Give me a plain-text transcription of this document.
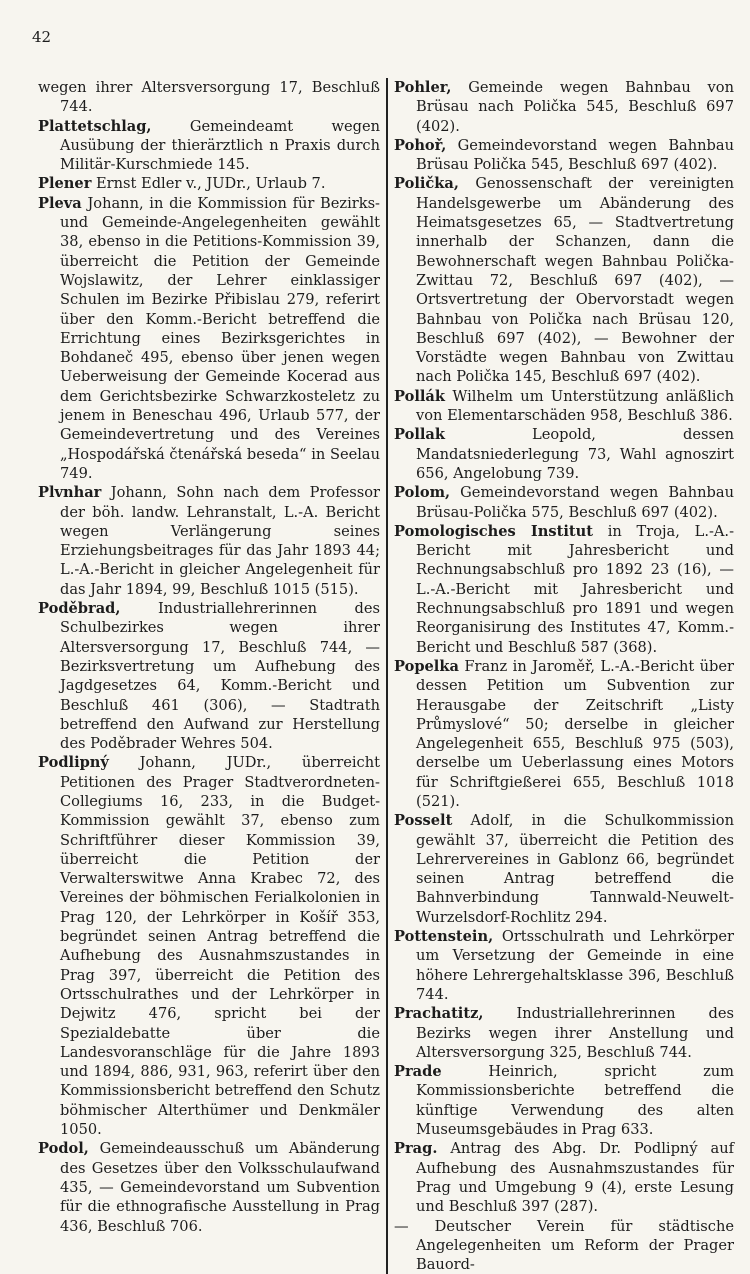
42
wegen ihrer Altersversorgung 17, Beschluß 744.
Plattetschlag, Gemeindeamt wegen Ausübung der thierärztlich n Praxis durch Militär-Kurschmiede 145.
Plener Ernst Edler v., JUDr., Urlaub 7.
Pleva Johann, in die Kommission für Bezirks- und Gemeinde-Angelegenheiten gewählt 38, ebenso in die Petitions-Kommission 39, überreicht die Petition der Gemeinde Wojslawitz, der Lehrer einklassiger Schulen im Bezirke Přibislau 279, referirt über den Komm.-Bericht betreffend die Errichtung eines Bezirksgerichtes in Bohdaneč 495, ebenso über jenen wegen Ueberweisung der Gemeinde Kocerad aus dem Gerichtsbezirke Schwarzkosteletz zu jenem in Beneschau 496, Urlaub 577, der Gemeindevertretung und des Vereines „Hospodářská čtenářská beseda“ in Seelau 749.
Plvnhar Johann, Sohn nach dem Professor der böh. landw. Lehranstalt, L.-A. Bericht wegen Verlängerung seines Erziehungsbeitrages für das Jahr 1893 44; L.-A.-Bericht in gleicher Angelegenheit für das Jahr 1894, 99, Beschluß 1015 (515).
Poděbrad, Industriallehrerinnen des Schulbezirkes wegen ihrer Altersversorgung 17, Beschluß 744, — Bezirksvertretung um Aufhebung des Jagdgesetzes 64, Komm.-Bericht und Beschluß 461 (306), — Stadtrath betreffend den Aufwand zur Herstellung des Poděbrader Wehres 504.
Podlipný Johann, JUDr., überreicht Petitionen des Prager Stadtverordneten-Collegiums 16, 233, in die Budget-Kommission gewählt 37, ebenso zum Schriftführer dieser Kommission 39, überreicht die Petition der Verwalterswitwe Anna Krabec 72, des Vereines der böhmischen Ferialkolonien in Prag 120, der Lehrkörper in Košíř 353, begründet seinen Antrag betreffend die Aufhebung des Ausnahmszustandes in Prag 397, überreicht die Petition des Ortsschulrathes und der Lehrkörper in Dejwitz 476, spricht bei der Spezialdebatte über die Landesvoranschläge für die Jahre 1893 und 1894, 886, 931, 963, referirt über den Kommissionsbericht betreffend den Schutz böhmischer Alterthümer und Denkmäler 1050.
Podol, Gemeindeausschuß um Abänderung des Gesetzes über den Volksschulaufwand 435, — Gemeindevorstand um Subvention für die ethnografische Ausstellung in Prag 436, Beschluß 706.
Pohler, Gemeinde wegen Bahnbau von Brüsau nach Polička 545, Beschluß 697 (402).
Pohoř, Gemeindevorstand wegen Bahnbau Brüsau Polička 545, Beschluß 697 (402).
Polička, Genossenschaft der vereinigten Handelsgewerbe um Abänderung des Heimatsgesetzes 65, — Stadtvertretung innerhalb der Schanzen, dann die Bewohnerschaft wegen Bahnbau Polička-Zwittau 72, Beschluß 697 (402), — Ortsvertretung der Obervorstadt wegen Bahnbau von Polička nach Brüsau 120, Beschluß 697 (402), — Bewohner der Vorstädte wegen Bahnbau von Zwittau nach Polička 145, Beschluß 697 (402).
Pollák Wilhelm um Unterstützung anläßlich von Elementarschäden 958, Beschluß 386.
Pollak Leopold, dessen Mandatsniederlegung 73, Wahl agnoszirt 656, Angelobung 739.
Polom, Gemeindevorstand wegen Bahnbau Brüsau-Polička 575, Beschluß 697 (402).
Pomologisches Institut in Troja, L.-A.-Bericht mit Jahresbericht und Rechnungsabschluß pro 1892 23 (16), — L.-A.-Bericht mit Jahresbericht und Rechnungsabschluß pro 1891 und wegen Reorganisirung des Institutes 47, Komm.-Bericht und Beschluß 587 (368).
Popelka Franz in Jaroměř, L.-A.-Bericht über dessen Petition um Subvention zur Herausgabe der Zeitschrift „Listy Průmyslové“ 50; derselbe in gleicher Angelegenheit 655, Beschluß 975 (503), derselbe um Ueberlassung eines Motors für Schriftgießerei 655, Beschluß 1018 (521).
Posselt Adolf, in die Schulkommission gewählt 37, überreicht die Petition des Lehrervereines in Gablonz 66, begründet seinen Antrag betreffend die Bahnverbindung Tannwald-Neuwelt-Wurzelsdorf-Rochlitz 294.
Pottenstein, Ortsschulrath und Lehrkörper um Versetzung der Gemeinde in eine höhere Lehrergehaltsklasse 396, Beschluß 744.
Prachatitz, Industriallehrerinnen des Bezirks wegen ihrer Anstellung und Altersversorgung 325, Beschluß 744.
Prade Heinrich, spricht zum Kommissionsberichte betreffend die künftige Verwendung des alten Museumsgebäudes in Prag 633.
Prag. Antrag des Abg. Dr. Podlipný auf Aufhebung des Ausnahmszustandes für Prag und Umgebung 9 (4), erste Lesung und Beschluß 397 (287).
— Deutscher Verein für städtische Angelegenheiten um Reform der Prager Bauord-
